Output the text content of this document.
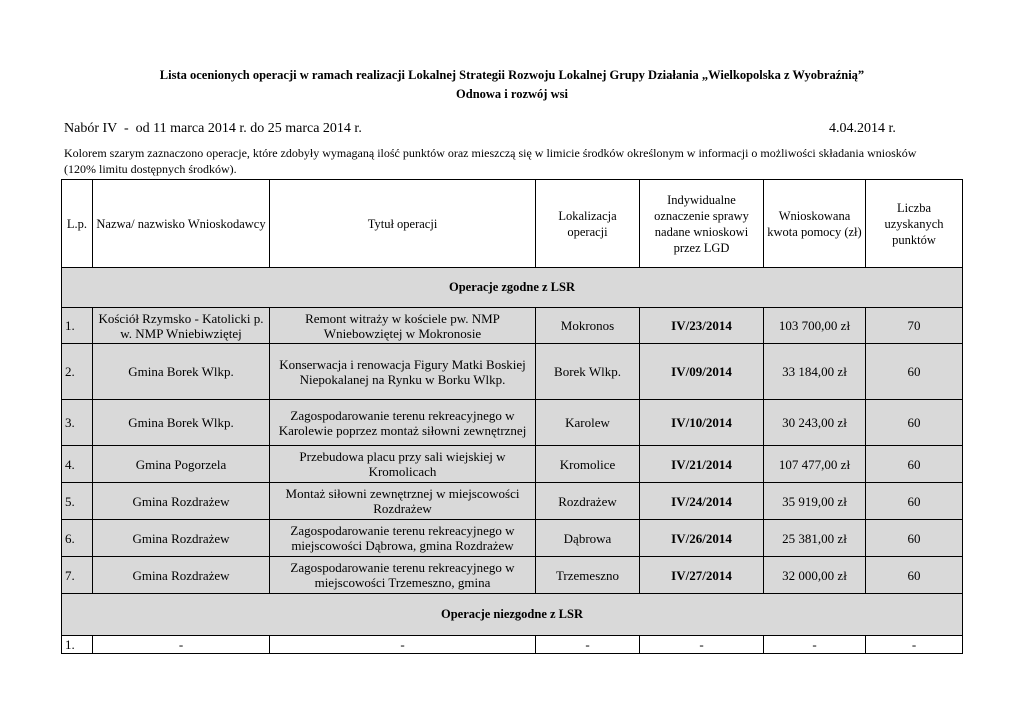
Lista ocenionych operacji w ramach realizacji Lokalnej Strategii Rozwoju Lokalnej Grupy Działania „Wielkopolska z Wyobraźnią”
Odnowa i rozwój wsi
Nabór IV  -  od 11 marca 2014 r. do 25 marca 2014 r.	4.04.2014 r.
Kolorem szarym zaznaczono operacje, które zdobyły wymaganą ilość punktów oraz mieszczą się w limicie środków określonym w informacji o możliwości składania wniosków (120% limitu dostępnych środków).
L.p.	Nazwa/ nazwisko Wnioskodawcy	Tytuł operacji	Lokalizacja operacji	Indywidualne oznaczenie sprawy nadane wnioskowi przez LGD	Wnioskowana kwota pomocy (zł)	Liczba uzyskanych punktów
Operacje zgodne z LSR						
1.	Kościół Rzymsko - Katolicki p. w. NMP Wniebiwziętej	Remont witraży w kościele pw. NMP Wniebowziętej w Mokronosie	Mokronos	IV/23/2014	103 700,00 zł	70
2.	Gmina Borek Wlkp.	Konserwacja i renowacja Figury Matki Boskiej Niepokalanej na Rynku w Borku Wlkp.	Borek Wlkp.	IV/09/2014	33 184,00 zł	60
3.	Gmina Borek Wlkp.	Zagospodarowanie terenu rekreacyjnego w Karolewie poprzez montaż siłowni zewnętrznej	Karolew	IV/10/2014	30 243,00 zł	60
4.	Gmina Pogorzela	Przebudowa placu przy sali wiejskiej w Kromolicach	Kromolice	IV/21/2014	107 477,00 zł	60
5.	Gmina Rozdrażew	Montaż siłowni zewnętrznej w miejscowości Rozdrażew	Rozdrażew	IV/24/2014	35 919,00 zł	60
6.	Gmina Rozdrażew	Zagospodarowanie terenu rekreacyjnego w miejscowości Dąbrowa, gmina Rozdrażew	Dąbrowa	IV/26/2014	25 381,00 zł	60
7.	Gmina Rozdrażew	Zagospodarowanie terenu rekreacyjnego w miejscowości Trzemeszno, gmina	Trzemeszno	IV/27/2014	32 000,00 zł	60
Operacje niezgodne z LSR						
1.	-	-	-	-	-	-
